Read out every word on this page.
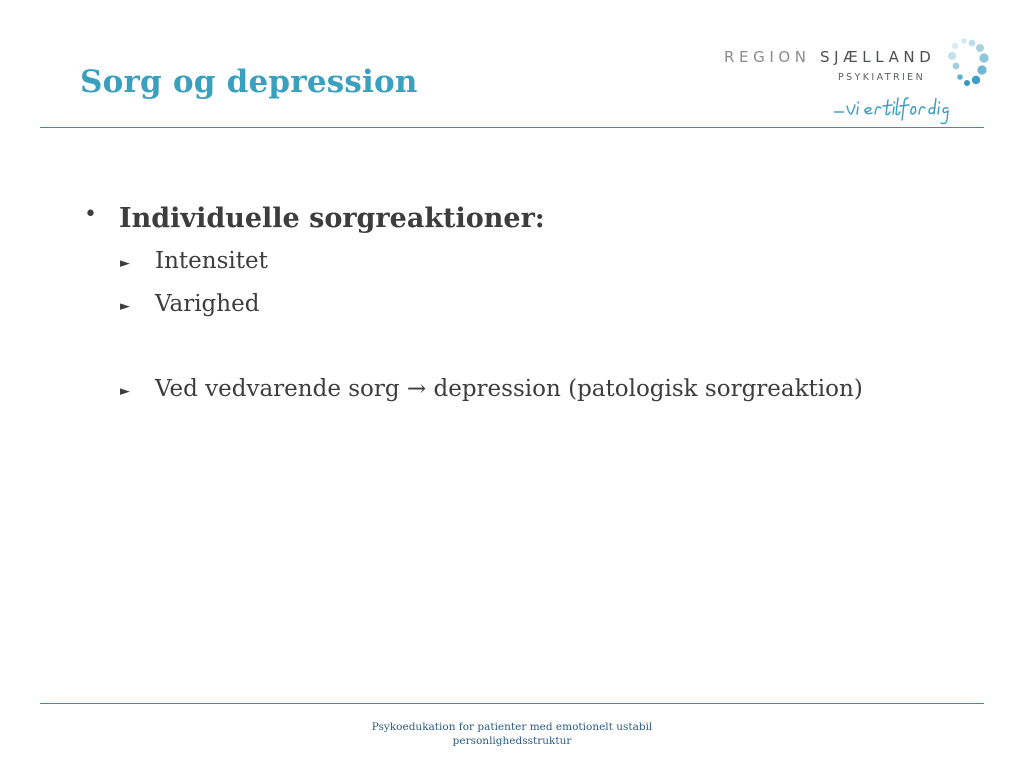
Sorg og depression
REGION SJÆLLAND
PSYKIATRIEN
• Individuelle sorgreaktioner:
► Intensitet
► Varighed
► Ved vedvarende sorg → depression (patologisk sorgreaktion)
Psykoedukation for patienter med emotionelt ustabil
personlighedsstruktur
